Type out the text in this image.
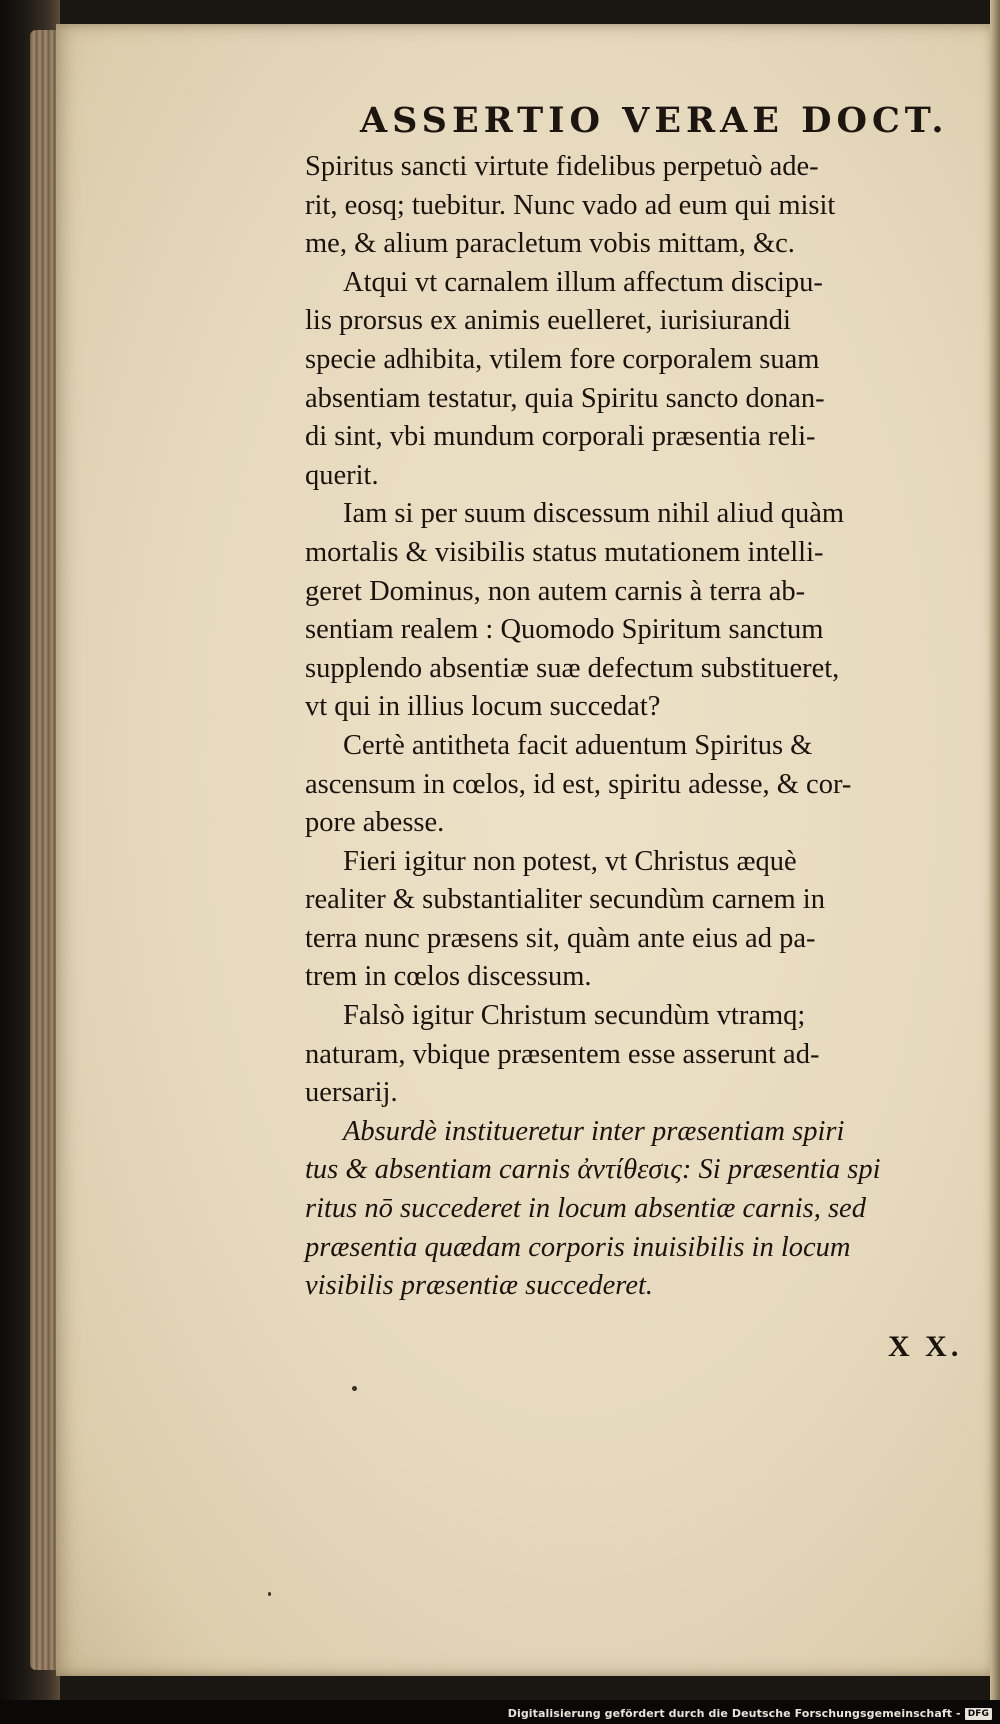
ASSERTIO VERAE DOCT.

Spiritus sancti virtute fidelibus perpetuò ade-
rit, eosq; tuebitur. Nunc vado ad eum qui misit
me, & alium paracletum vobis mittam, &c.

Atqui vt carnalem illum affectum discipu-
lis prorsus ex animis euelleret, iurisiurandi
specie adhibita, vtilem fore corporalem suam
absentiam testatur, quia Spiritu sancto donan-
di sint, vbi mundum corporali præsentia reli-
querit.

Iam si per suum discessum nihil aliud quàm
mortalis & visibilis status mutationem intelli-
geret Dominus, non autem carnis à terra ab-
sentiam realem : Quomodo Spiritum sanctum
supplendo absentiæ suæ defectum substitueret,
vt qui in illius locum succedat?

Certè antitheta facit aduentum Spiritus &
ascensum in cœlos, id est, spiritu adesse, & cor-
pore abesse.

Fieri igitur non potest, vt Christus æquè
realiter & substantialiter secundùm carnem in
terra nunc præsens sit, quàm ante eius ad pa-
trem in cœlos discessum.

Falsò igitur Christum secundùm vtramq;
naturam, vbique præsentem esse asserunt ad-
uersarij.

Absurdè institueretur inter præsentiam spiri
tus & absentiam carnis ἀντίθεσις: Si præsentia spi
ritus nō succederet in locum absentiæ carnis, sed
præsentia quædam corporis inuisibilis in locum
visibilis præsentiæ succederet.

X X.
Digitalisierung gefördert durch die Deutsche Forschungsgemeinschaft - DFG
